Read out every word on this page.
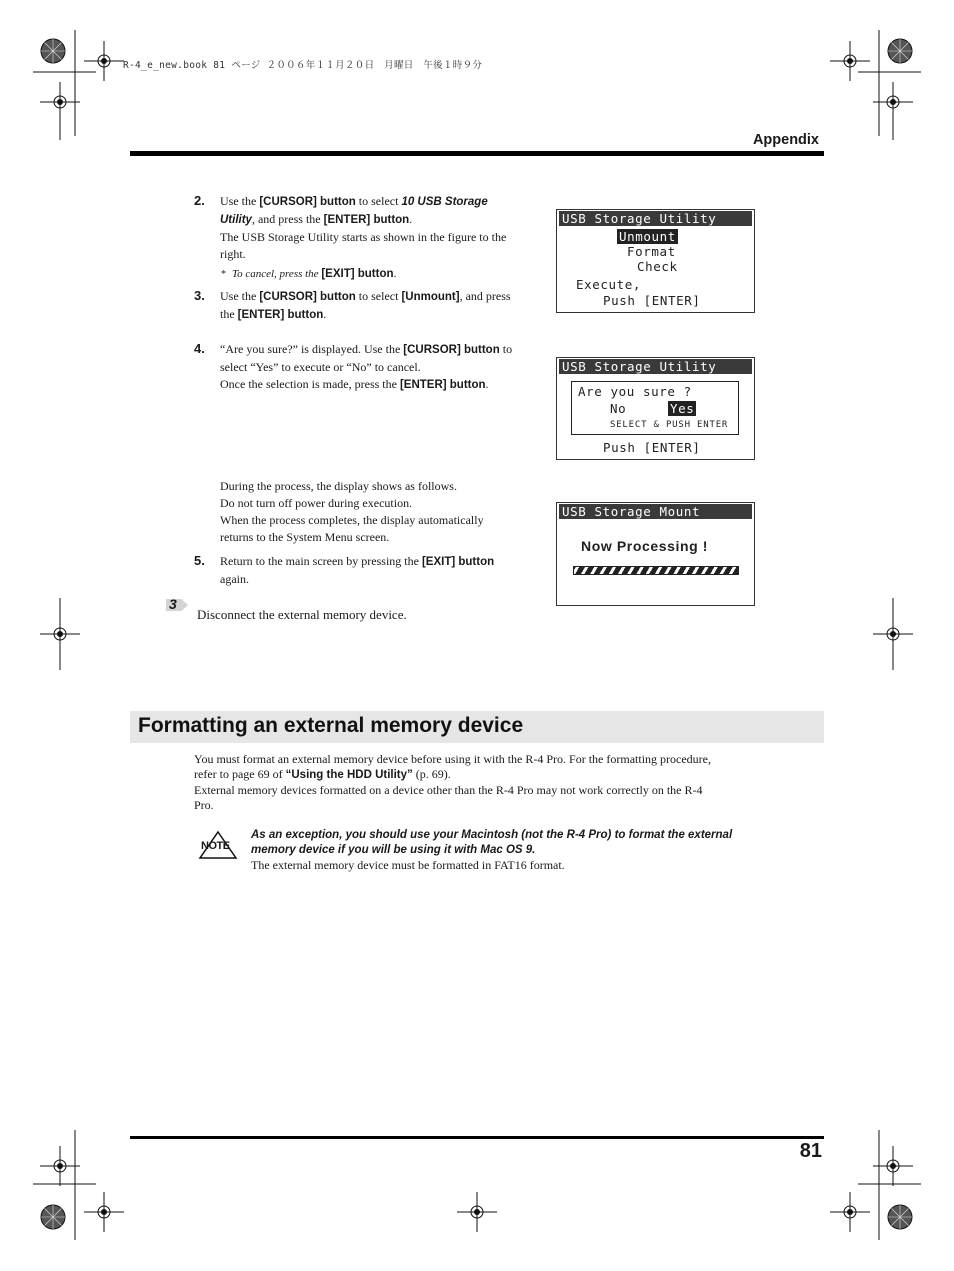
R-4_e_new.book 81 ページ ２００６年１１月２０日　月曜日　午後１時９分
Appendix
2. Use the [CURSOR] button to select 10 USB Storage
Utility, and press the [ENTER] button.
The USB Storage Utility starts as shown in the figure to the
right.
* To cancel, press the [EXIT] button.
3. Use the [CURSOR] button to select [Unmount], and press
the [ENTER] button.
4. “Are you sure?” is displayed. Use the [CURSOR] button to
select “Yes” to execute or “No” to cancel.
Once the selection is made, press the [ENTER] button.
During the process, the display shows as follows.
Do not turn off power during execution.
When the process completes, the display automatically
returns to the System Menu screen.
5. Return to the main screen by pressing the [EXIT] button
again.
3
Disconnect the external memory device.
USB Storage Utility
Unmount
Format
Check
Execute,
Push [ENTER]
USB Storage Utility
Are you sure ?
No	Yes
SELECT & PUSH ENTER
Push [ENTER]
USB Storage Mount
Now Processing !
Formatting an external memory device
You must format an external memory device before using it with the R-4 Pro. For the formatting procedure,
refer to page 69 of “Using the HDD Utility” (p. 69).
External memory devices formatted on a device other than the R-4 Pro may not work correctly on the R-4
Pro.
NOTE
As an exception, you should use your Macintosh (not the R-4 Pro) to format the external
memory device if you will be using it with Mac OS 9.
The external memory device must be formatted in FAT16 format.
81
